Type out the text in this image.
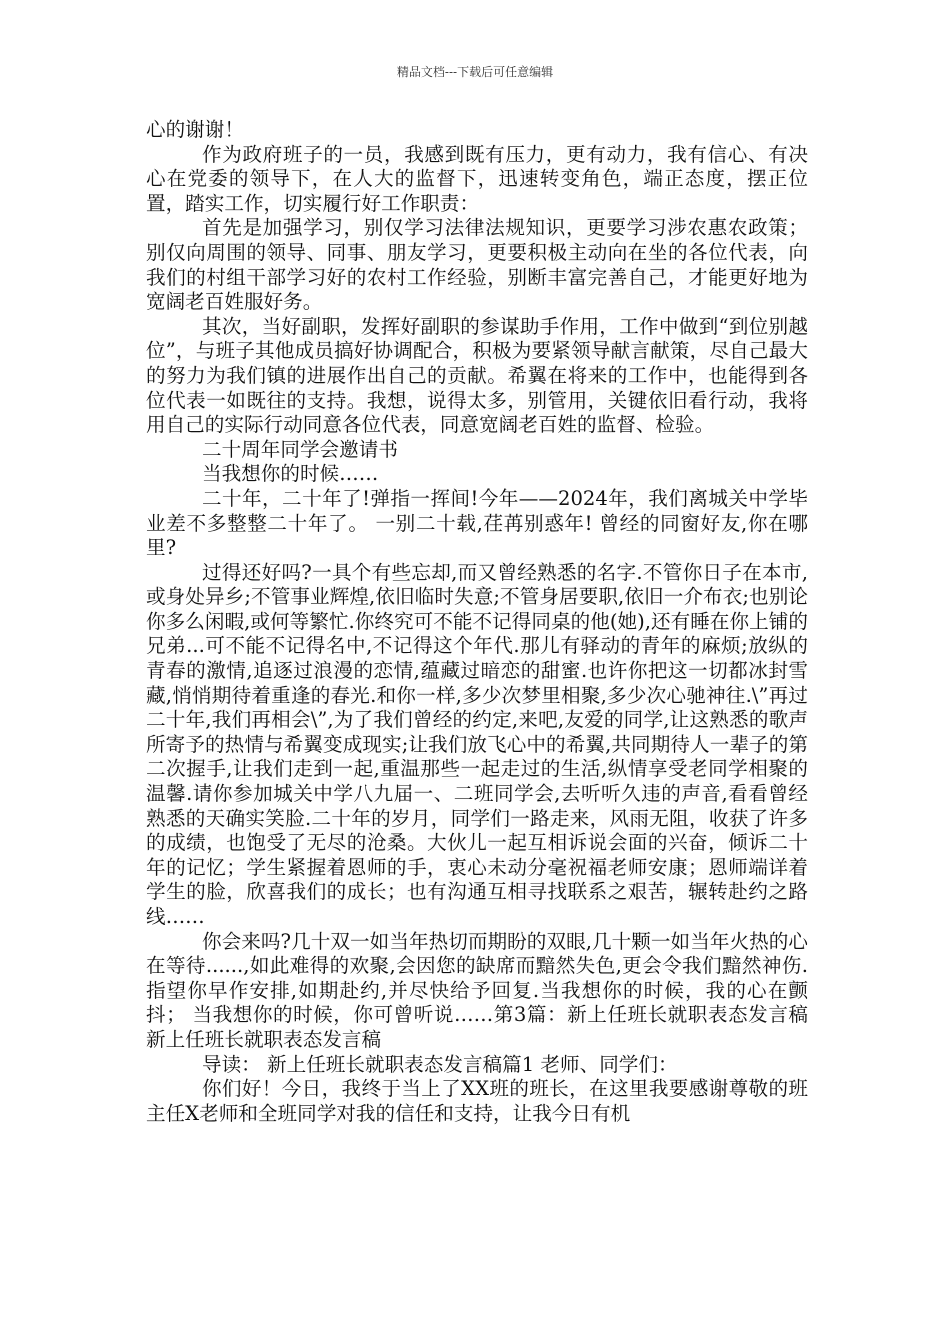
精品文档---下载后可任意编辑

心的谢谢！

作为政府班子的一员，我感到既有压力，更有动力，我有信心、有决心在党委的领导下，在人大的监督下，迅速转变角色，端正态度，摆正位置，踏实工作，切实履行好工作职责：

首先是加强学习，别仅学习法律法规知识，更要学习涉农惠农政策；别仅向周围的领导、同事、朋友学习，更要积极主动向在坐的各位代表，向我们的村组干部学习好的农村工作经验，别断丰富完善自己，才能更好地为宽阔老百姓服好务。

其次，当好副职，发挥好副职的参谋助手作用，工作中做到“到位别越位”，与班子其他成员搞好协调配合，积极为要紧领导献言献策，尽自己最大的努力为我们镇的进展作出自己的贡献。希翼在将来的工作中，也能得到各位代表一如既往的支持。我想，说得太多，别管用，关键依旧看行动，我将用自己的实际行动同意各位代表，同意宽阔老百姓的监督、检验。

二十周年同学会邀请书

当我想你的时候……

二十年，二十年了!弹指一挥间!今年——2024年，我们离城关中学毕业差不多整整二十年了。 一别二十载,荏苒别惑年! 曾经的同窗好友,你在哪里?

过得还好吗?一具个有些忘却,而又曾经熟悉的名字.不管你日子在本市,或身处异乡;不管事业辉煌,依旧临时失意;不管身居要职,依旧一介布衣;也别论你多么闲暇,或何等繁忙.你终究可不能不记得同桌的他(她),还有睡在你上铺的兄弟...可不能不记得名中,不记得这个年代.那儿有驿动的青年的麻烦;放纵的青春的激情,追逐过浪漫的恋情,蕴藏过暗恋的甜蜜.也许你把这一切都冰封雪藏,悄悄期待着重逢的春光.和你一样,多少次梦里相聚,多少次心驰神往.\”再过二十年,我们再相会\”,为了我们曾经的约定,来吧,友爱的同学,让这熟悉的歌声所寄予的热情与希翼变成现实;让我们放飞心中的希翼,共同期待人一辈子的第二次握手,让我们走到一起,重温那些一起走过的生活,纵情享受老同学相聚的温馨.请你参加城关中学八九届一、二班同学会,去听听久违的声音,看看曾经熟悉的天确实笑脸.二十年的岁月，同学们一路走来，风雨无阻，收获了许多的成绩，也饱受了无尽的沧桑。大伙儿一起互相诉说会面的兴奋，倾诉二十年的记忆；学生紧握着恩师的手，衷心未动分毫祝福老师安康；恩师端详着学生的脸，欣喜我们的成长；也有沟通互相寻找联系之艰苦，辗转赴约之路线……

你会来吗?几十双一如当年热切而期盼的双眼,几十颗一如当年火热的心在等待......,如此难得的欢聚,会因您的缺席而黯然失色,更会令我们黯然神伤.指望你早作安排,如期赴约,并尽快给予回复.当我想你的时候，我的心在颤抖； 当我想你的时候，你可曾听说……第3篇：新上任班长就职表态发言稿新上任班长就职表态发言稿

导读： 新上任班长就职表态发言稿篇1 老师、同学们：

你们好！今日，我终于当上了XX班的班长，在这里我要感谢尊敬的班主任X老师和全班同学对我的信任和支持，让我今日有机
